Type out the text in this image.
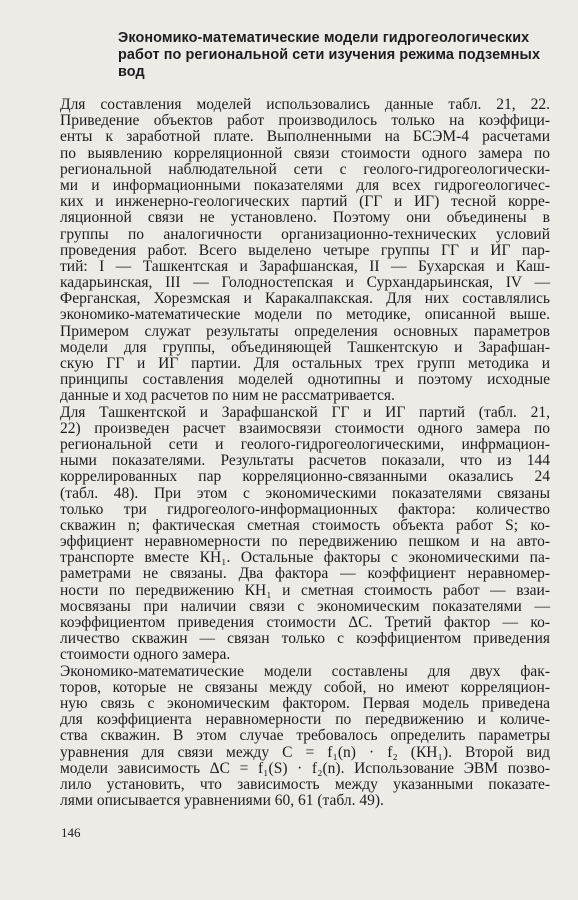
Экономико-математические модели гидрогеологических
работ по региональной сети изучения режима подземных
вод
Для составления моделей использовались данные табл. 21, 22.
Приведение объектов работ производилось только на коэффици-
енты к заработной плате. Выполненными на БСЭМ-4 расчетами
по выявлению корреляционной связи стоимости одного замера по
региональной наблюдательной сети с геолого-гидрогеологически-
ми и информационными показателями для всех гидрогеологичес-
ких и инженерно-геологических партий (ГГ и ИГ) тесной корре-
ляционной связи не установлено. Поэтому они объединены в
группы по аналогичности организационно-технических условий
проведения работ. Всего выделено четыре группы ГГ и ИГ пар-
тий: I — Ташкентская и Зарафшанская, II — Бухарская и Каш-
кадарьинская, III — Голодностепская и Сурхандарьинская, IV —
Ферганская, Хорезмская и Каракалпакская. Для них составлялись
экономико-математические модели по методике, описанной выше.
Примером служат результаты определения основных параметров
модели для группы, объединяющей Ташкентскую и Зарафшан-
скую ГГ и ИГ партии. Для остальных трех групп методика и
принципы составления моделей однотипны и поэтому исходные
данные и ход расчетов по ним не рассматривается.
Для Ташкентской и Зарафшанской ГГ и ИГ партий (табл. 21,
22) произведен расчет взаимосвязи стоимости одного замера по
региональной сети и геолого-гидрогеологическими, инфрмацион-
ными показателями. Результаты расчетов показали, что из 144
коррелированных пар корреляционно-связанными оказались 24
(табл. 48). При этом с экономическими показателями связаны
только три гидрогеолого-информационных фактора: количество
скважин n; фактическая сметная стоимость объекта работ S; ко-
эффициент неравномерности по передвижению пешком и на авто-
транспорте вместе КН₁. Остальные факторы с экономическими па-
раметрами не связаны. Два фактора — коэффициент неравномер-
ности по передвижению КН₁ и сметная стоимость работ — взаи-
мосвязаны при наличии связи с экономическим показателями —
коэффициентом приведения стоимости ΔC. Третий фактор — ко-
личество скважин — связан только с коэффициентом приведения
стоимости одного замера.
Экономико-математические модели составлены для двух фак-
торов, которые не связаны между собой, но имеют корреляцион-
ную связь с экономическим фактором. Первая модель приведена
для коэффициента неравномерности по передвижению и количе-
ства скважин. В этом случае требовалось определить параметры
уравнения для связи между C = f₁(n) · f₂ (КН₁). Второй вид
модели зависимость ΔC = f₁(S) · f₂(n). Использование ЭВМ позво-
лило установить, что зависимость между указанными показате-
лями описывается уравнениями 60, 61 (табл. 49).
146
